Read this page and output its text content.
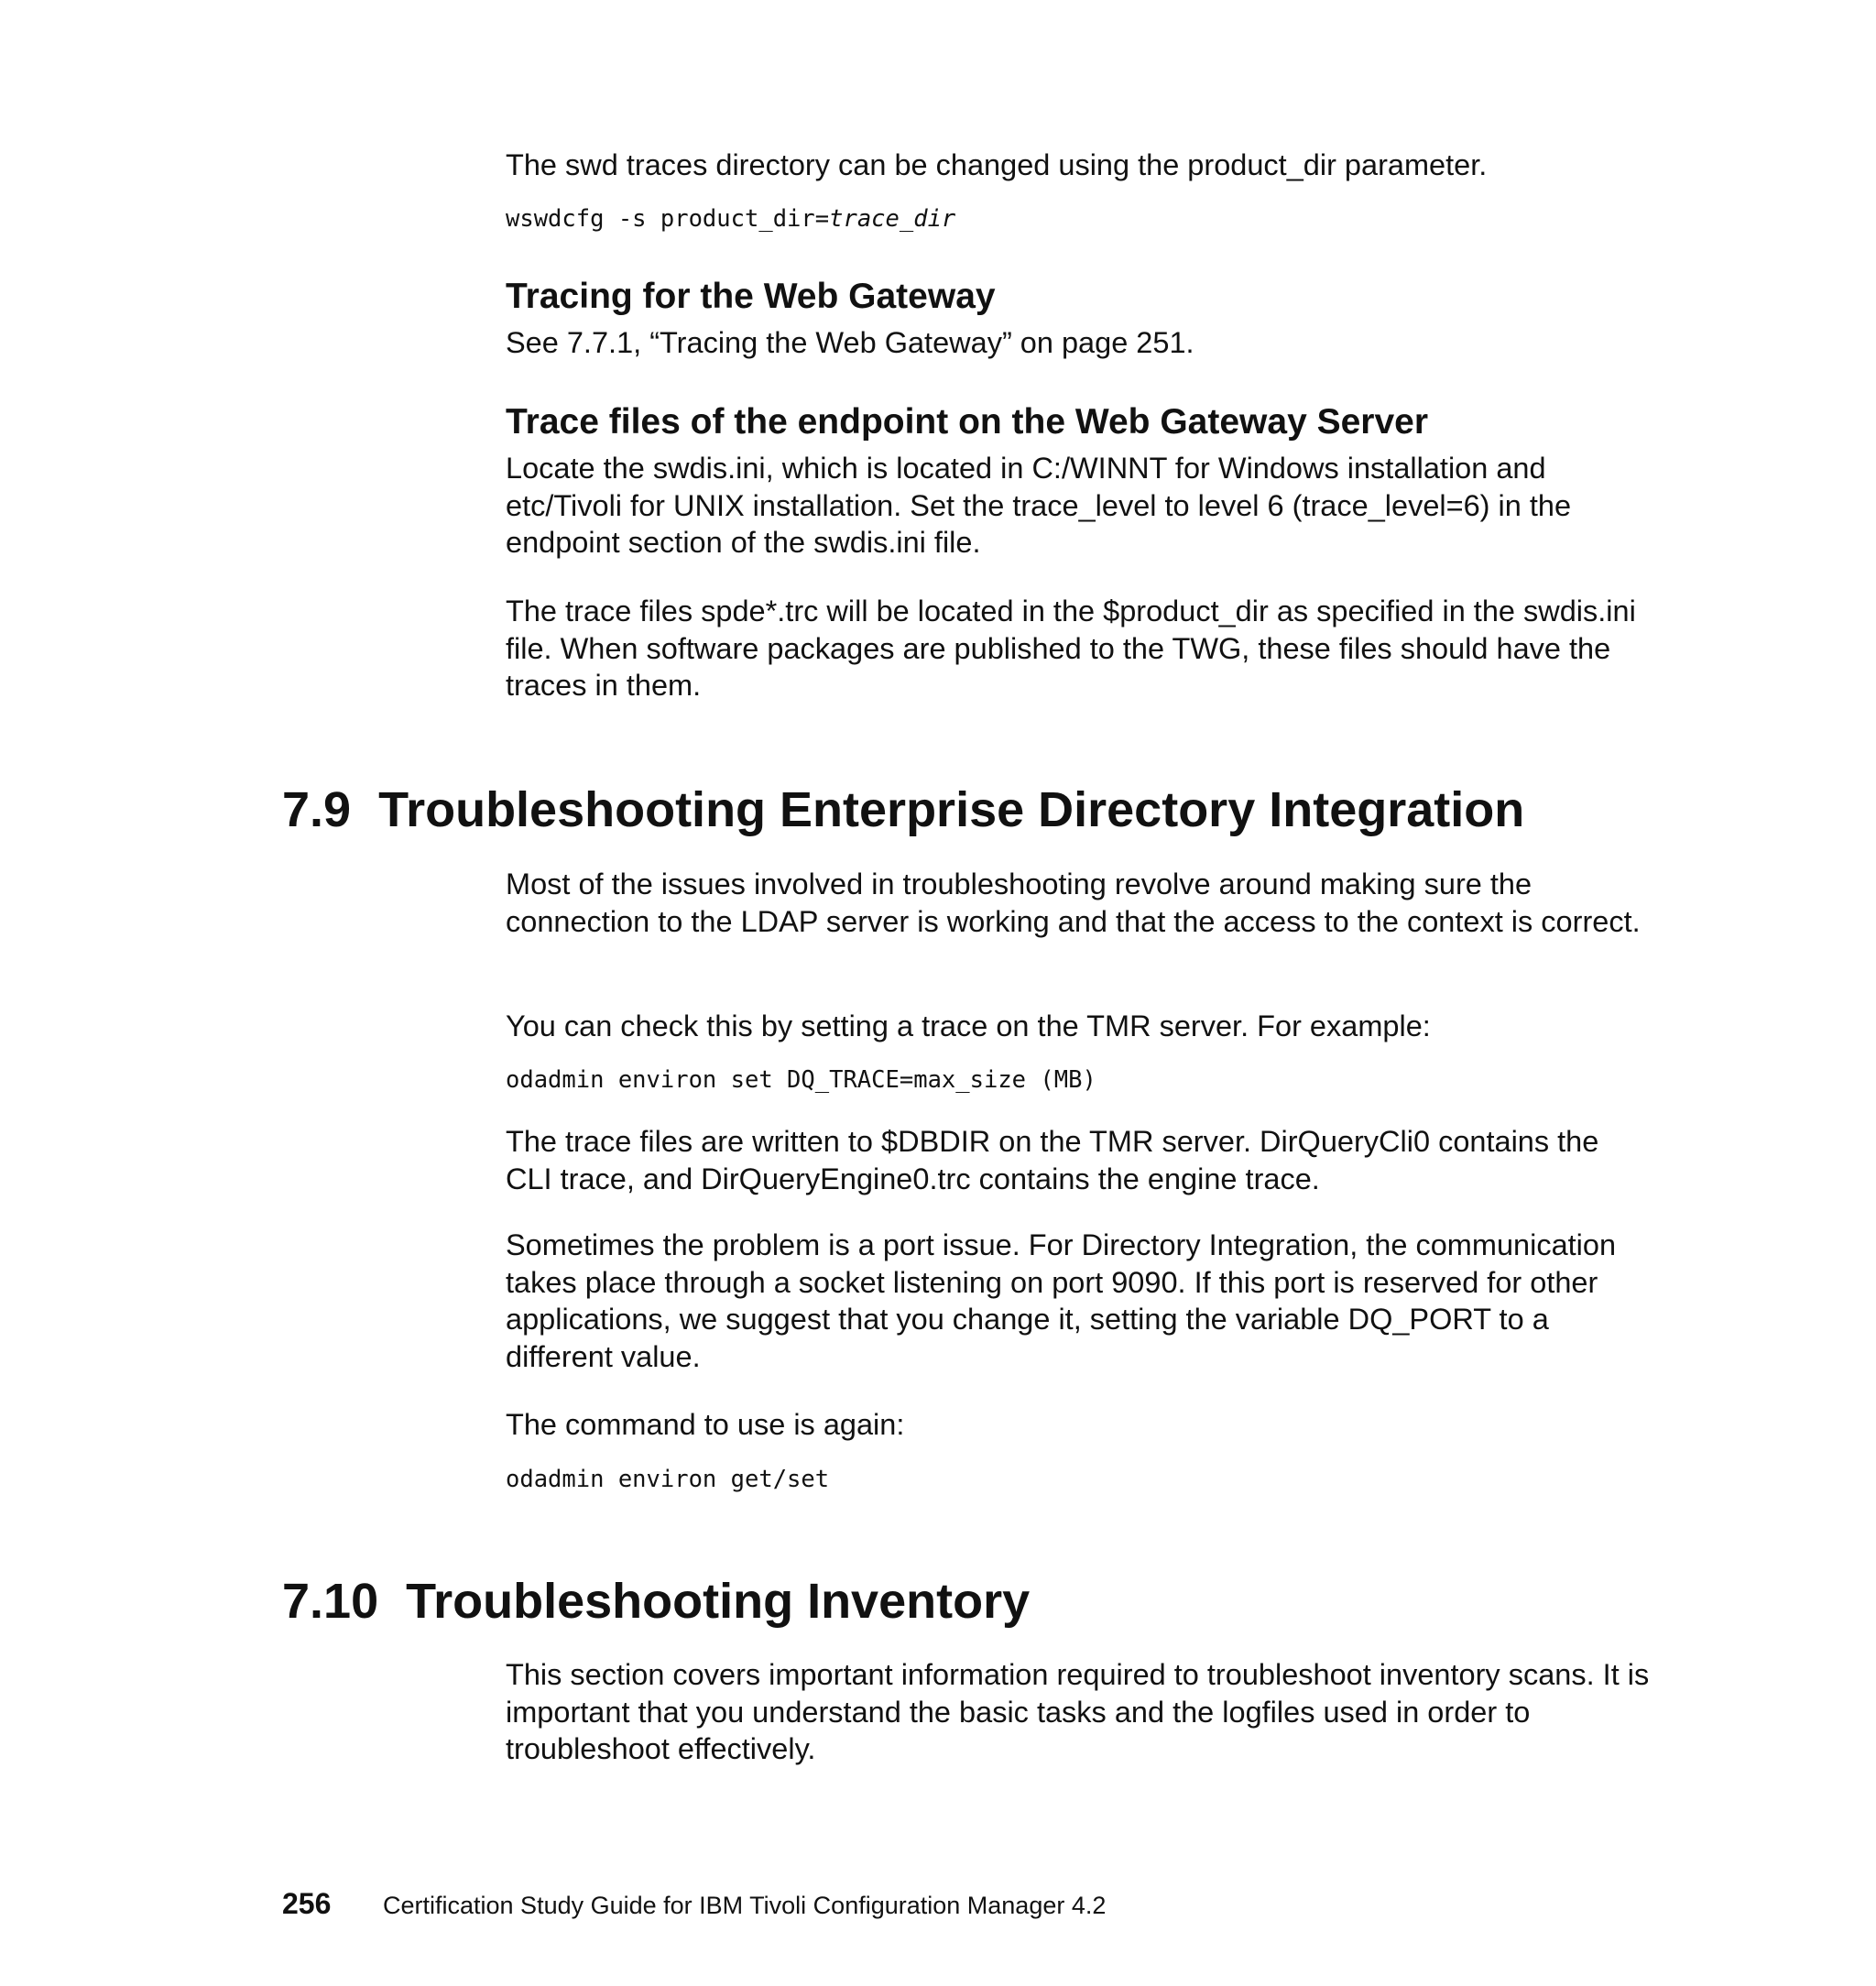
The swd traces directory can be changed using the product_dir parameter.

wswdcfg -s product_dir=trace_dir
Tracing for the Web Gateway

See 7.7.1, “Tracing the Web Gateway” on page 251.

Trace files of the endpoint on the Web Gateway Server

Locate the swdis.ini, which is located in C:/WINNT for Windows installation and etc/Tivoli for UNIX installation. Set the trace_level to level 6 (trace_level=6) in the endpoint section of the swdis.ini file.

The trace files spde*.trc will be located in the $product_dir as specified in the swdis.ini file. When software packages are published to the TWG, these files should have the traces in them.

7.9 Troubleshooting Enterprise Directory Integration

Most of the issues involved in troubleshooting revolve around making sure the connection to the LDAP server is working and that the access to the context is correct.

You can check this by setting a trace on the TMR server. For example:

odadmin environ set DQ_TRACE=max_size (MB)

The trace files are written to $DBDIR on the TMR server. DirQueryCli0 contains the CLI trace, and DirQueryEngine0.trc contains the engine trace.

Sometimes the problem is a port issue. For Directory Integration, the communication takes place through a socket listening on port 9090. If this port is reserved for other applications, we suggest that you change it, setting the variable DQ_PORT to a different value.

The command to use is again:

odadmin environ get/set
7.10 Troubleshooting Inventory

This section covers important information required to troubleshoot inventory scans. It is important that you understand the basic tasks and the logfiles used in order to troubleshoot effectively.

256 Certification Study Guide for IBM Tivoli Configuration Manager 4.2
